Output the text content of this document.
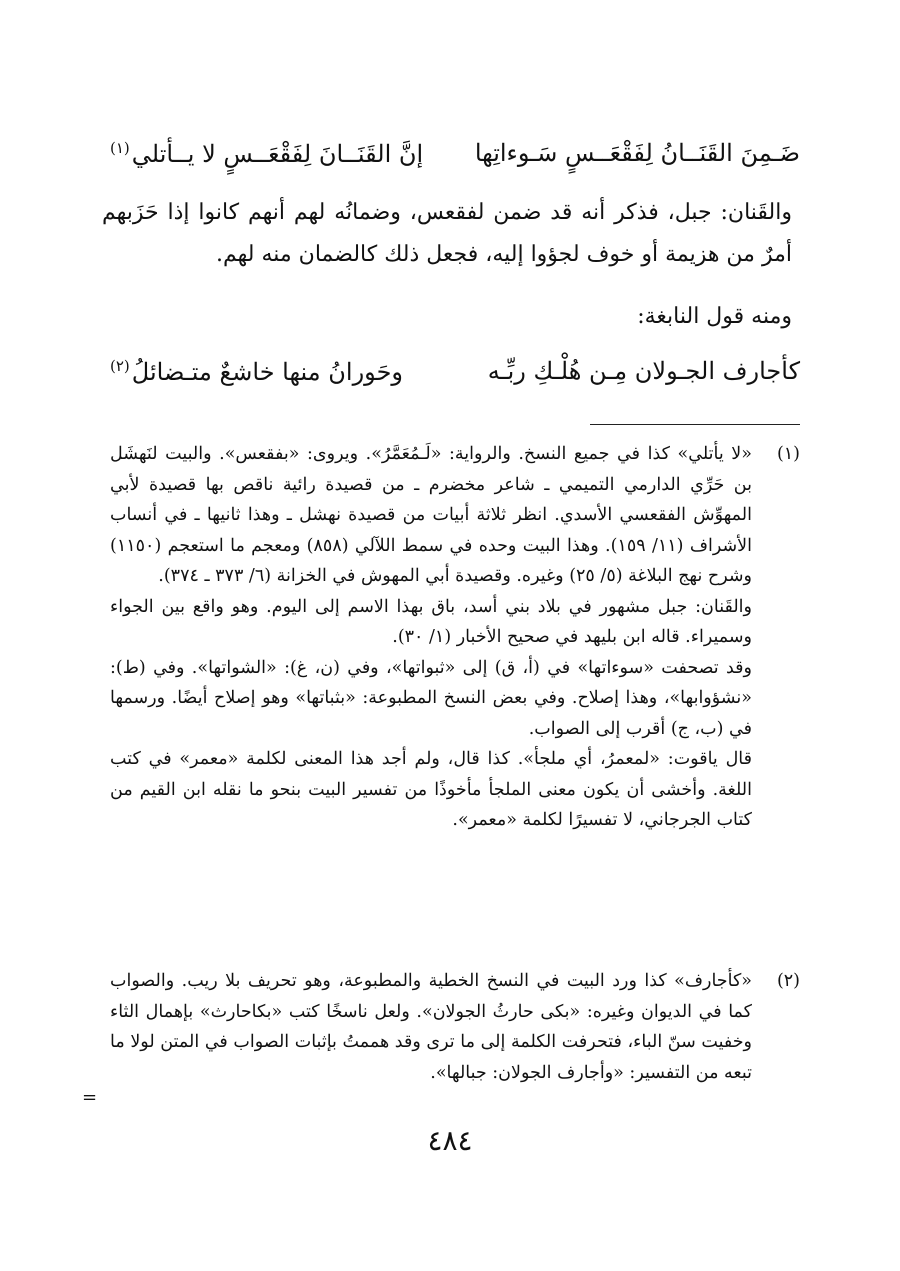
ضَـمِنَ القَنَــانُ لِفَقْعَــسٍ سَـوءاتِها
إنَّ القَنَــانَ لِفَقْعَــسٍ لا يــأتلي$^{(١)}$
والقَنان: جبل، فذكر أنه قد ضمن لفقعس، وضمانُه لهم أنهم كانوا إذا حَزَبهم أمرٌ من هزيمة أو خوف لجؤوا إليه، فجعل ذلك كالضمان منه لهم.
ومنه قول النابغة:
كأجارف الجـولان مِـن هُلْـكِ ربِّـه
وحَورانُ منها خاشعٌ متـضائلُ$^{(٢)}$
(١)

«لا يأتلي» كذا في جميع النسخ. والرواية: «لَـمُعَمَّرُ». ويروى: «بفقعس». والبيت لنَهشَل بن حَرِّي الدارمي التميمي ـ شاعر مخضرم ـ من قصيدة رائية ناقص بها قصيدة لأبي المهوِّش الفقعسي الأسدي. انظر ثلاثة أبيات من قصيدة نهشل ـ وهذا ثانيها ـ في أنساب الأشراف (١١/ ١٥٩). وهذا البيت وحده في سمط اللآلي (٨٥٨) ومعجم ما استعجم (١١٥٠) وشرح نهج البلاغة (٥/ ٢٥) وغيره. وقصيدة أبي المهوش في الخزانة (٦/ ٣٧٣ ـ ٣٧٤).

والقَنان: جبل مشهور في بلاد بني أسد، باق بهذا الاسم إلى اليوم. وهو واقع بين الجواء وسميراء. قاله ابن بليهد في صحيح الأخبار (١/ ٣٠).

وقد تصحفت «سوءاتها» في (أ، ق) إلى «ثبواتها»، وفي (ن، غ): «الشواتها». وفي (ط): «نشؤوابها»، وهذا إصلاح. وفي بعض النسخ المطبوعة: «بثباتها» وهو إصلاح أيضًا. ورسمها في (ب، ج) أقرب إلى الصواب.

قال ياقوت: «لمعمرُ، أي ملجأ». كذا قال، ولم أجد هذا المعنى لكلمة «معمر» في كتب اللغة. وأخشى أن يكون معنى الملجأ مأخوذًا من تفسير البيت بنحو ما نقله ابن القيم من كتاب الجرجاني، لا تفسيرًا لكلمة «معمر».

(٢)

«كأجارف» كذا ورد البيت في النسخ الخطية والمطبوعة، وهو تحريف بلا ريب. والصواب كما في الديوان وغيره: «بكى حارثُ الجولان». ولعل ناسخًا كتب «بكاحارث» بإهمال الثاء وخفيت سنّ الباء، فتحرفت الكلمة إلى ما ترى وقد هممتُ بإثبات الصواب في المتن لولا ما تبعه من التفسير: «وأجارف الجولان: جبالها».

=
٤٨٤
